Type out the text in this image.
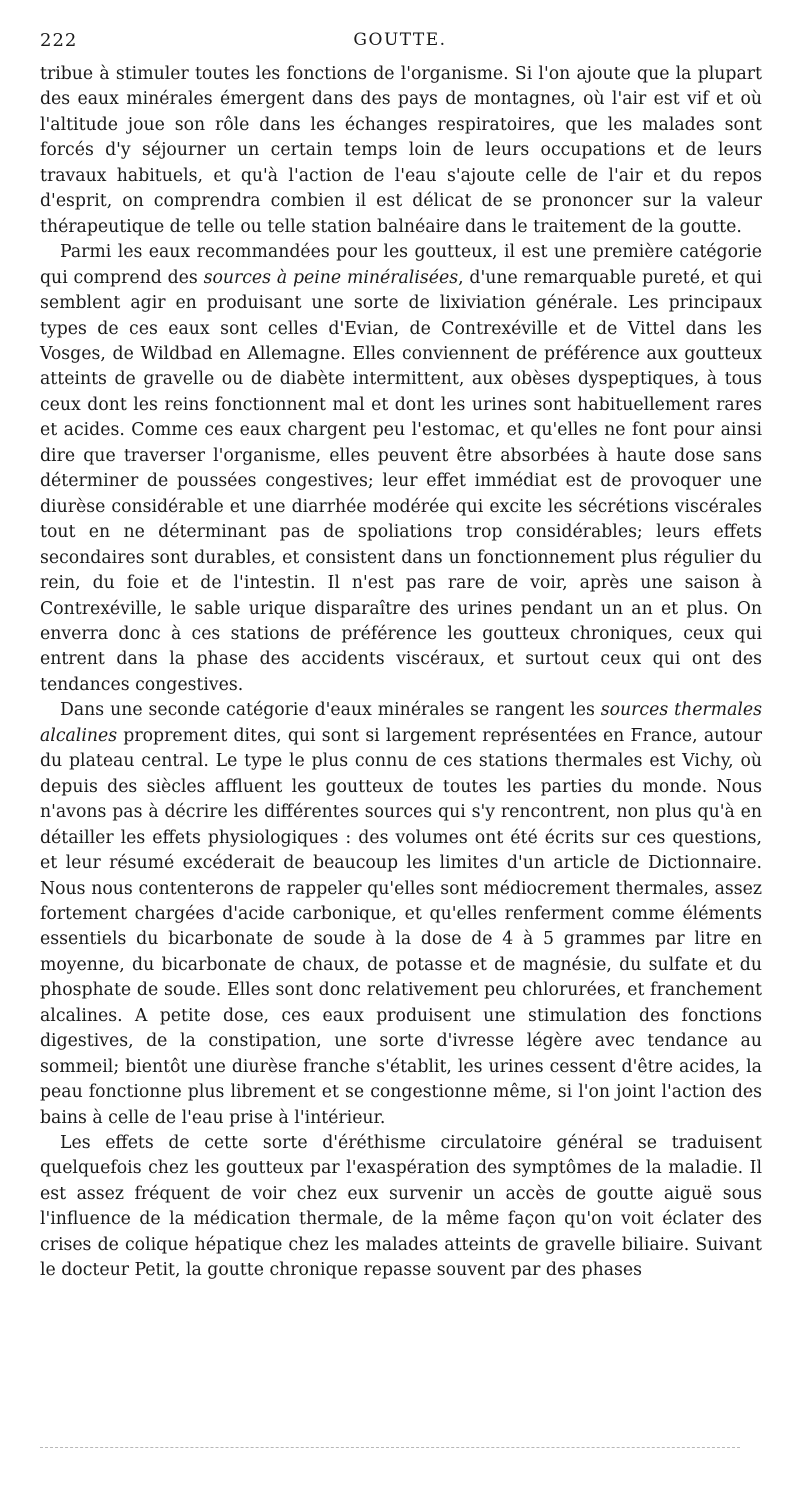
222	GOUTTE.

tribue à stimuler toutes les fonctions de l'organisme. Si l'on ajoute que la plupart des eaux minérales émergent dans des pays de montagnes, où l'air est vif et où l'altitude joue son rôle dans les échanges respiratoires, que les malades sont forcés d'y séjourner un certain temps loin de leurs occupations et de leurs travaux habituels, et qu'à l'action de l'eau s'ajoute celle de l'air et du repos d'esprit, on comprendra combien il est délicat de se prononcer sur la valeur thérapeutique de telle ou telle station balnéaire dans le traitement de la goutte.

Parmi les eaux recommandées pour les goutteux, il est une première catégorie qui comprend des sources à peine minéralisées, d'une remarquable pureté, et qui semblent agir en produisant une sorte de lixiviation générale. Les principaux types de ces eaux sont celles d'Evian, de Contrexéville et de Vittel dans les Vosges, de Wildbad en Allemagne. Elles conviennent de préférence aux goutteux atteints de gravelle ou de diabète intermittent, aux obèses dyspeptiques, à tous ceux dont les reins fonctionnent mal et dont les urines sont habituellement rares et acides. Comme ces eaux chargent peu l'estomac, et qu'elles ne font pour ainsi dire que traverser l'organisme, elles peuvent être absorbées à haute dose sans déterminer de poussées congestives; leur effet immédiat est de provoquer une diurèse considérable et une diarrhée modérée qui excite les sécrétions viscérales tout en ne déterminant pas de spoliations trop considérables; leurs effets secondaires sont durables, et consistent dans un fonctionnement plus régulier du rein, du foie et de l'intestin. Il n'est pas rare de voir, après une saison à Contrexéville, le sable urique disparaître des urines pendant un an et plus. On enverra donc à ces stations de préférence les goutteux chroniques, ceux qui entrent dans la phase des accidents viscéraux, et surtout ceux qui ont des tendances congestives.

Dans une seconde catégorie d'eaux minérales se rangent les sources thermales alcalines proprement dites, qui sont si largement représentées en France, autour du plateau central. Le type le plus connu de ces stations thermales est Vichy, où depuis des siècles affluent les goutteux de toutes les parties du monde. Nous n'avons pas à décrire les différentes sources qui s'y rencontrent, non plus qu'à en détailler les effets physiologiques : des volumes ont été écrits sur ces questions, et leur résumé excéderait de beaucoup les limites d'un article de Dictionnaire. Nous nous contenterons de rappeler qu'elles sont médiocrement thermales, assez fortement chargées d'acide carbonique, et qu'elles renferment comme éléments essentiels du bicarbonate de soude à la dose de 4 à 5 grammes par litre en moyenne, du bicarbonate de chaux, de potasse et de magnésie, du sulfate et du phosphate de soude. Elles sont donc relativement peu chlorurées, et franchement alcalines. A petite dose, ces eaux produisent une stimulation des fonctions digestives, de la constipation, une sorte d'ivresse légère avec tendance au sommeil; bientôt une diurèse franche s'établit, les urines cessent d'être acides, la peau fonctionne plus librement et se congestionne même, si l'on joint l'action des bains à celle de l'eau prise à l'intérieur.

Les effets de cette sorte d'éréthisme circulatoire général se traduisent quelquefois chez les goutteux par l'exaspération des symptômes de la maladie. Il est assez fréquent de voir chez eux survenir un accès de goutte aiguë sous l'influence de la médication thermale, de la même façon qu'on voit éclater des crises de colique hépatique chez les malades atteints de gravelle biliaire. Suivant le docteur Petit, la goutte chronique repasse souvent par des phases
